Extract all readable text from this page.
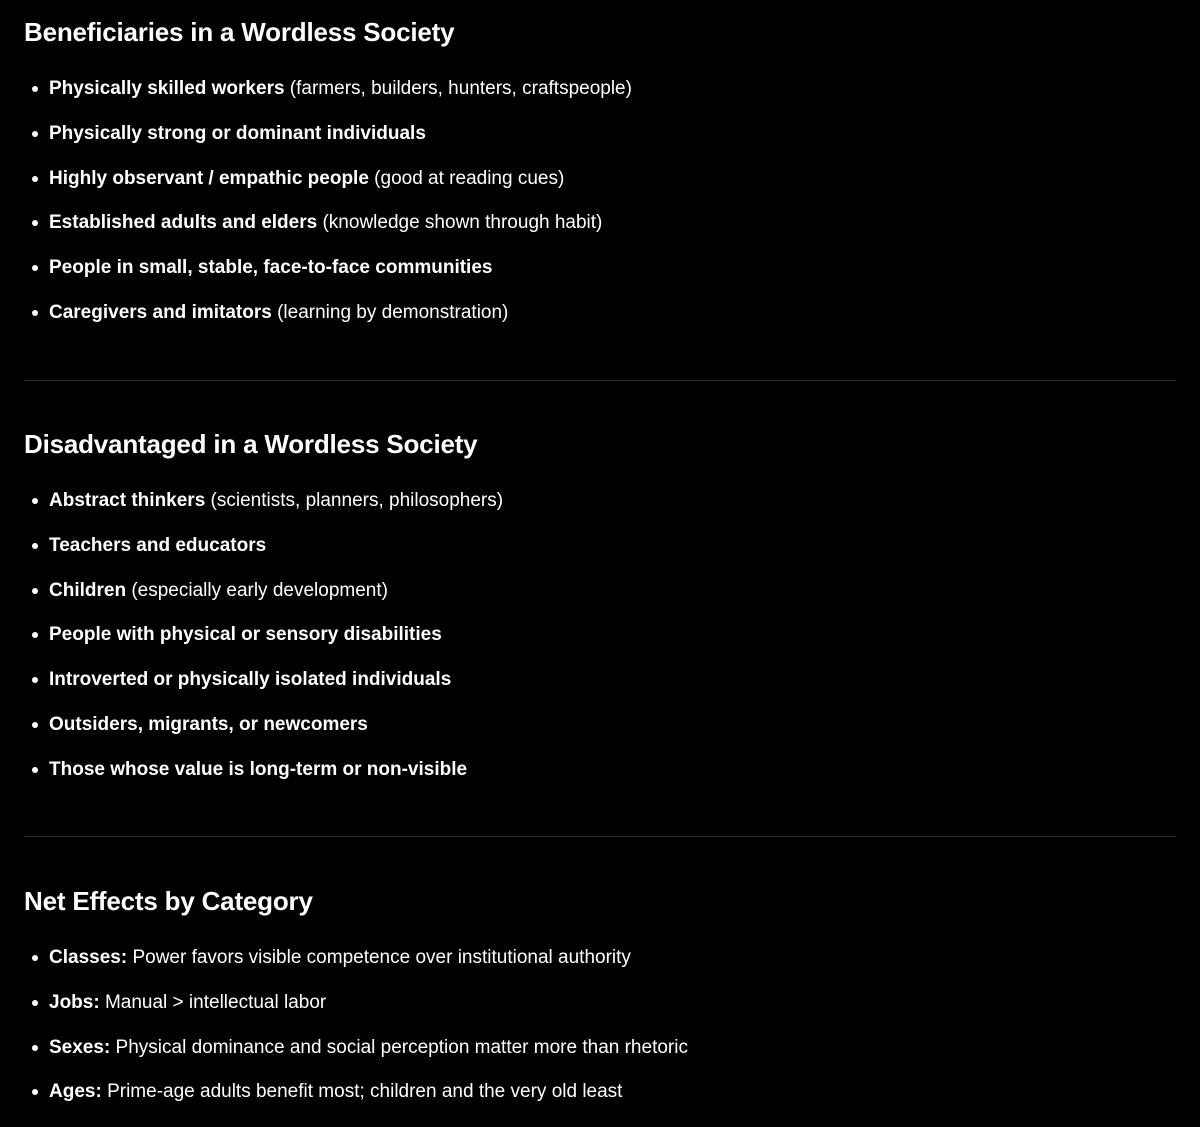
Beneficiaries in a Wordless Society
Physically skilled workers (farmers, builders, hunters, craftspeople)
Physically strong or dominant individuals
Highly observant / empathic people (good at reading cues)
Established adults and elders (knowledge shown through habit)
People in small, stable, face-to-face communities
Caregivers and imitators (learning by demonstration)
Disadvantaged in a Wordless Society
Abstract thinkers (scientists, planners, philosophers)
Teachers and educators
Children (especially early development)
People with physical or sensory disabilities
Introverted or physically isolated individuals
Outsiders, migrants, or newcomers
Those whose value is long-term or non-visible
Net Effects by Category
Classes: Power favors visible competence over institutional authority
Jobs: Manual > intellectual labor
Sexes: Physical dominance and social perception matter more than rhetoric
Ages: Prime-age adults benefit most; children and the very old least
